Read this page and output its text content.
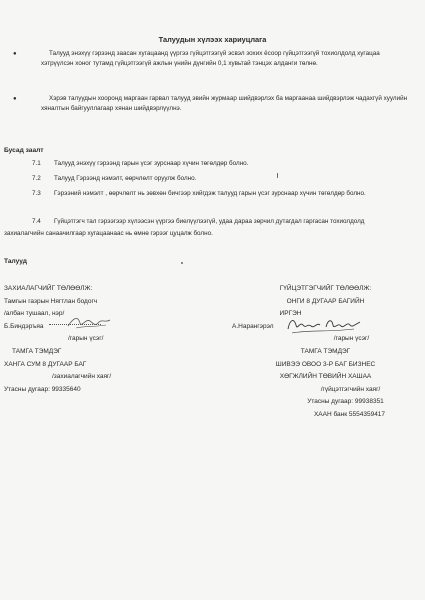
Талуудын хүлээх хариуцлага
●	Талууд энэхүү гэрээнд заасан хугацаанд үүргээ гүйцэтгээгүй эсвэл зохих ёсоор гүйцэтгээгүй тохиолдолд хугацаа хэтрүүлсэн хоног тутамд гүйцэтгээгүй ажлын үнийн дүнгийн 0,1 хувьтай тэнцэх алданги төлнө.
●	Хэрэв талуудын хооронд маргаан гарвал талууд эвийн журмаар шийдвэрлэх ба маргаанаа шийдвэрлэж чадахгүй хуулийн хяналтын байгууллагаар хянан шийдвэрлүүлнэ.
Бусад заалт
7.1 Талууд энэхүү гэрээнд гарын үсэг зурснаар хүчин төгөлдөр болно.
7.2 Талууд Гэрээнд нэмэлт, өөрчлөлт оруулж болно.
7.3 Гэрээний нэмэлт , өөрчлөлт нь зөвхөн бичгээр хийгдэж талууд гарын үсэг зурснаар хүчин төгөлдөр болно.
7.4 Гүйцэтгэгч тал гэрээгээр хүлээсэн үүргээ биелүүлээгүй, удаа дараа зөрчил дутагдал гаргасан тохиолдолд захиалагчийн санаачилгаар хугацаанаас нь өмнө гэрээг цуцалж болно.
Талууд
ЗАХИАЛАГЧИЙГ ТӨЛӨӨЛЖ:
Тамгын газрын Нягтлан бодогч
/албан тушаал, нэр/
Б.Биндэръяа
/гарын үсэг/
ТАМГА ТЭМДЭГ
ХАНГА СУМ 8 ДУГААР БАГ
/захиалагчийн хаяг/
Утасны дугаар: 99335640
ГҮЙЦЭТГЭГЧИЙГ ТӨЛӨӨЛЖ:
ОНГИ 8 ДУГААР БАГИЙН
ИРГЭН
А.Нарангэрэл
/гарын үсэг/
ТАМГА ТЭМДЭГ
ШИВЭЭ ОВОО 3-Р БАГ БИЗНЕС
ХӨГЖЛИЙН ТӨВИЙН ХАШАА
/гүйцэтгэгчийн хаяг/
Утасны дугаар: 99938351
ХААН банк 5554359417
